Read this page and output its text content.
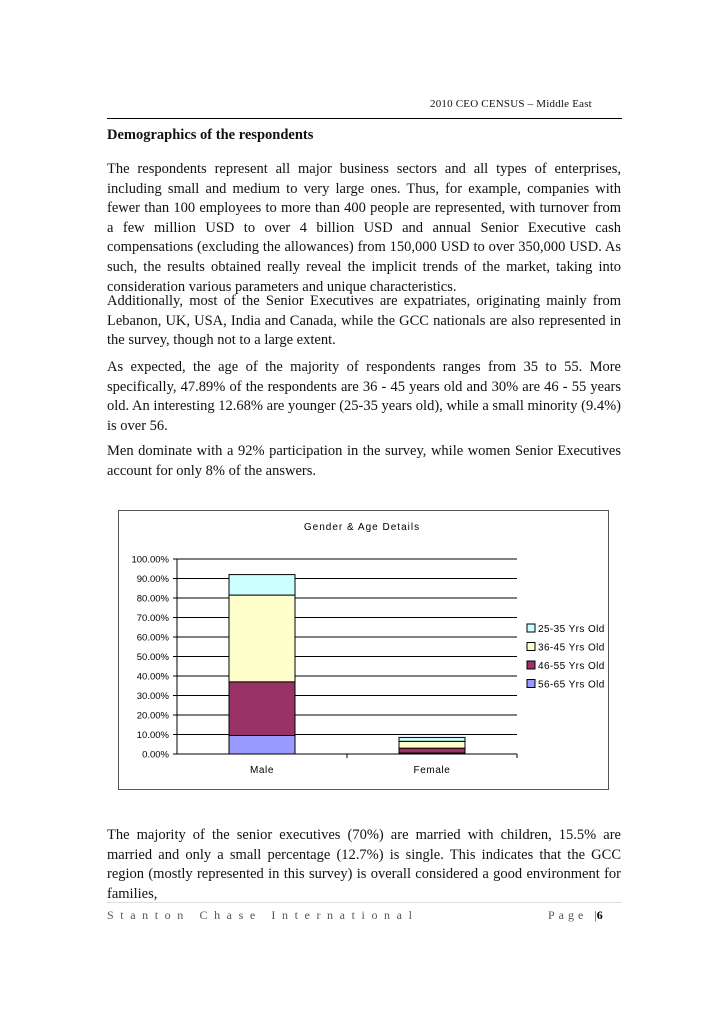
2010 CEO CENSUS – Middle East
Demographics of the respondents

The respondents represent all major business sectors and all types of enterprises, including small and medium to very large ones. Thus, for example, companies with fewer than 100 employees to more than 400 people are represented, with turnover from a few million USD to over 4 billion USD and annual Senior Executive cash compensations (excluding the allowances) from 150,000 USD to over 350,000 USD. As such, the results obtained really reveal the implicit trends of the market, taking into consideration various parameters and unique characteristics.

Additionally, most of the Senior Executives are expatriates, originating mainly from Lebanon, UK, USA, India and Canada, while the GCC nationals are also represented in the survey, though not to a large extent.

As expected, the age of the majority of respondents ranges from 35 to 55. More specifically, 47.89% of the respondents are 36 - 45 years old and 30% are 46 - 55 years old. An interesting 12.68% are younger (25-35 years old), while a small minority (9.4%) is over 56.

Men dominate with a 92% participation in the survey, while women Senior Executives account for only 8% of the answers.

Gender & Age Details
0.00%
10.00%
20.00%
30.00%
40.00%
50.00%
60.00%
70.00%
80.00%
90.00%
100.00%
Male	Female
25-35 Yrs Old
36-45 Yrs Old
46-55 Yrs Old
56-65 Yrs Old

The majority of the senior executives (70%) are married with children, 15.5% are married and only a small percentage (12.7%) is single. This indicates that the GCC region (mostly represented in this survey) is overall considered a good environment for families,

Stanton Chase International	Page |6
